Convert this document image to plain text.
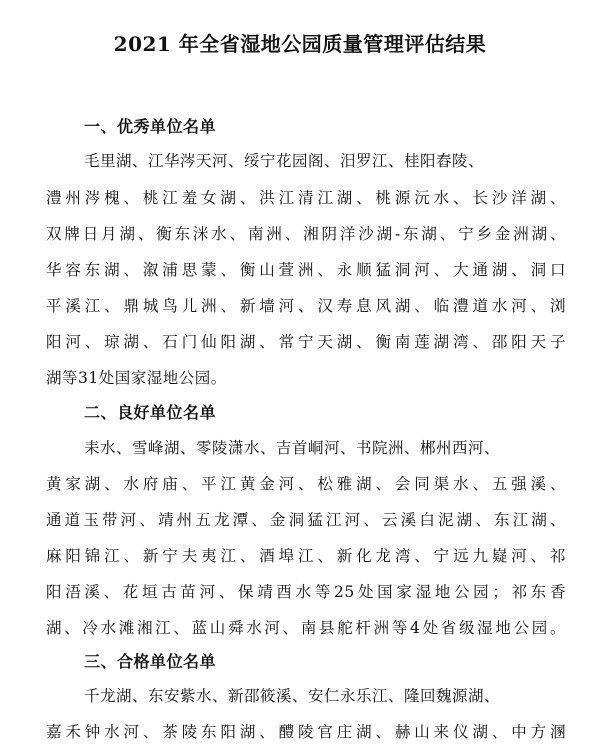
2021 年全省湿地公园质量管理评估结果
一、优秀单位名单
毛里湖、江华涔天河、绥宁花园阁、汨罗江、桂阳舂陵、
澧州涔槐、桃江羞女湖、洪江清江湖、桃源沅水、长沙洋湖、
双牌日月湖、衡东洣水、南洲、湘阴洋沙湖-东湖、宁乡金洲湖、
华容东湖、溆浦思蒙、衡山萱洲、永顺猛洞河、大通湖、洞口
平溪江、鼎城鸟儿洲、新墙河、汉寿息风湖、临澧道水河、浏
阳河、琼湖、石门仙阳湖、常宁天湖、衡南莲湖湾、邵阳天子
湖等31处国家湿地公园。
二、良好单位名单
耒水、雪峰湖、零陵潇水、吉首峒河、书院洲、郴州西河、
黄家湖、水府庙、平江黄金河、松雅湖、会同渠水、五强溪、
通道玉带河、靖州五龙潭、金洞猛江河、云溪白泥湖、东江湖、
麻阳锦江、新宁夫夷江、酒埠江、新化龙湾、宁远九嶷河、祁
阳浯溪、花垣古苗河、保靖酉水等25处国家湿地公园；祁东香
湖、冷水滩湘江、蓝山舜水河、南县舵杆洲等4处省级湿地公园。
三、合格单位名单
千龙湖、东安紫水、新邵筱溪、安仁永乐江、隆回魏源湖、
嘉禾钟水河、茶陵东阳湖、醴陵官庄湖、赫山来仪湖、中方溷
